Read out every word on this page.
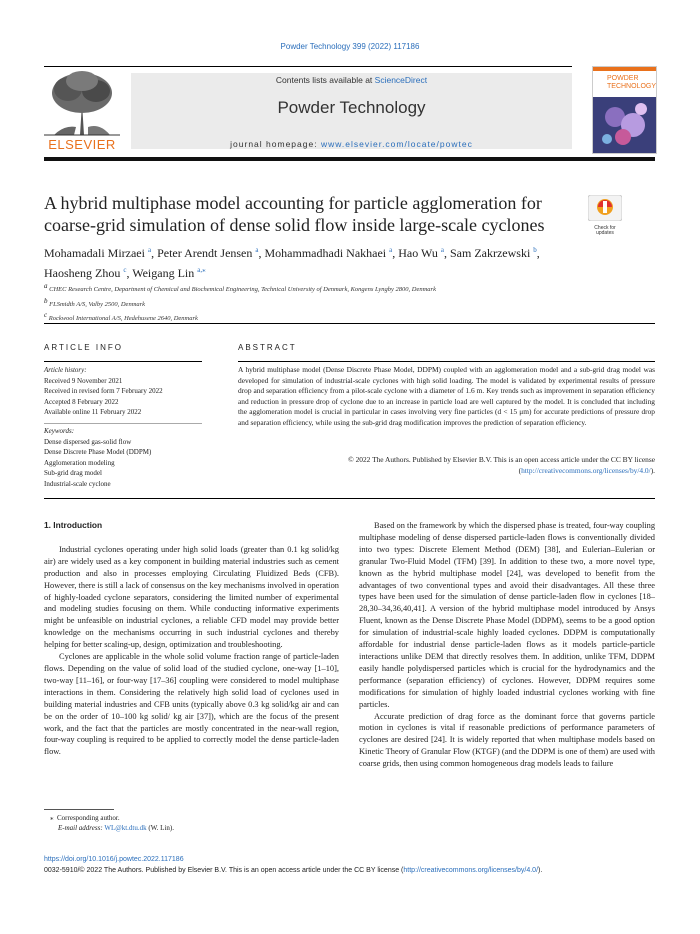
Powder Technology 399 (2022) 117186
ELSEVIER
Contents lists available at ScienceDirect
Powder Technology
journal homepage: www.elsevier.com/locate/powtec
POWDER TECHNOLOGY
A hybrid multiphase model accounting for particle agglomeration for coarse-grid simulation of dense solid flow inside large-scale cyclones	Check for updates
Mohamadali Mirzaei $^a$, Peter Arendt Jensen $^a$, Mohammadhadi Nakhaei $^a$, Hao Wu $^a$, Sam Zakrzewski $^b$,
Haosheng Zhou $^c$, Weigang Lin $^{a,⁎}$
$^a$ CHEC Research Centre, Department of Chemical and Biochemical Engineering, Technical University of Denmark, Kongens Lyngby 2800, Denmark
$^b$ FLSmidth A/S, Valby 2500, Denmark
$^c$ Rockwool International A/S, Hedehusene 2640, Denmark
ARTICLE INFO	ABSTRACT
Article history:
Received 9 November 2021
Received in revised form 7 February 2022
Accepted 8 February 2022
Available online 11 February 2022
Keywords:
Dense dispersed gas-solid flow
Dense Discrete Phase Model (DDPM)
Agglomeration modeling
Sub-grid drag model
Industrial-scale cyclone
A hybrid multiphase model (Dense Discrete Phase Model, DDPM) coupled with an agglomeration model and a sub-grid drag model was developed for simulation of industrial-scale cyclones with high solid loading. The model is validated by experimental results of pressure drop and separation efficiency from a pilot-scale cyclone with a diameter of 1.6 m. Key trends such as improvement in separation efficiency and reduction in pressure drop of cyclone due to an increase in particle load are well captured by the model. It is concluded that including the agglomeration model is crucial in particular in cases involving very fine particles (d < 15 μm) for accurate predictions of pressure drop and separation efficiency, while using the sub-grid drag modification improves the prediction of separation efficiency.
© 2022 The Authors. Published by Elsevier B.V. This is an open access article under the CC BY license (http://creativecommons.org/licenses/by/4.0/).
1. Introduction

Industrial cyclones operating under high solid loads (greater than 0.1 kg solid/kg air) are widely used as a key component in building material industries such as cement production and also in processes employing Circulating Fluidized Beds (CFB). However, there is still a lack of consensus on the key mechanisms involved in operation of highly-loaded cyclone separators, considering the limited number of experimental and modeling studies focusing on them. While conducting informative experiments might be unfeasible on industrial cyclones, a reliable CFD model may provide better knowledge on the mechanisms occurring in such industrial cyclones and thereby helping for better scaling-up, design, optimization and troubleshooting.

Cyclones are applicable in the whole solid volume fraction range of particle-laden flows. Depending on the value of solid load of the studied cyclone, one-way [1–10], two-way [11–16], or four-way [17–36] coupling were considered to model multiphase interactions in them. Considering the relatively high solid load of cyclones used in building material industries and CFB units (typically above 0.3 kg solid/kg air and can be on the order of 10–100 kg solid/ kg air [37]), which are the focus of the present work, and the fact that the particles are mostly concentrated in the near-wall region, four-way coupling is required to be applied to correctly model the dense particle-laden flow.

Based on the framework by which the dispersed phase is treated, four-way coupling multiphase modeling of dense dispersed particle-laden flows is conventionally divided into two types: Discrete Element Method (DEM) [38], and Eulerian–Eulerian or granular Two-Fluid Model (TFM) [39]. In addition to these two, a more novel type, known as the hybrid multiphase model [24], was developed to benefit from the advantages of two conventional types and avoid their disadvantages. All these three types have been used for the simulation of dense particle-laden flow in cyclones [18–28,30–34,36,40,41]. A version of the hybrid multiphase model introduced by Ansys Fluent, known as the Dense Discrete Phase Model (DDPM), seems to be a good option for simulation of industrial-scale highly loaded cyclones. DDPM is computationally affordable for industrial dense particle-laden flows as it models particle-particle interactions unlike DEM that directly resolves them. In addition, unlike TFM, DDPM easily handle polydispersed particles which is crucial for the hydrodynamics and the performance (separation efficiency) of cyclones. However, DDPM requires some modifications for simulation of highly loaded industrial cyclones working with fine particles.

Accurate prediction of drag force as the dominant force that governs particle motion in cyclones is vital if reasonable predictions of performance parameters of cyclones are desired [24]. It is widely reported that when multiphase models based on Kinetic Theory of Granular Flow (KTGF) (and the DDPM is one of them) are used with coarse grids, then using common homogeneous drag models leads to failure

⁎ Corresponding author.
E-mail address: WL@kt.dtu.dk (W. Lin).
https://doi.org/10.1016/j.powtec.2022.117186
0032-5910/© 2022 The Authors. Published by Elsevier B.V. This is an open access article under the CC BY license (http://creativecommons.org/licenses/by/4.0/).
